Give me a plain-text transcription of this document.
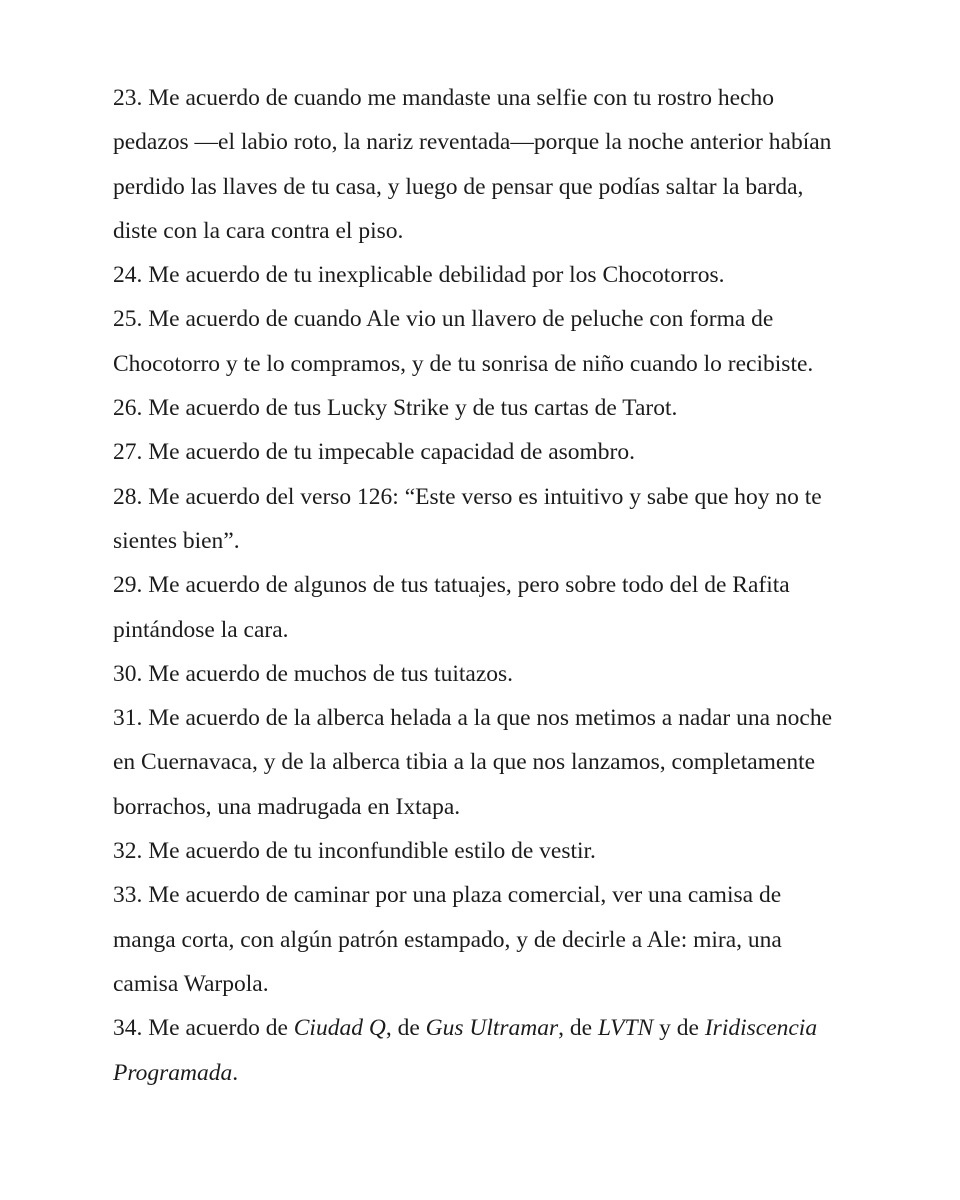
23. Me acuerdo de cuando me mandaste una selfie con tu rostro hecho pedazos —el labio roto, la nariz reventada—porque la noche anterior habían perdido las llaves de tu casa, y luego de pensar que podías saltar la barda, diste con la cara contra el piso.

24. Me acuerdo de tu inexplicable debilidad por los Chocotorros.

25. Me acuerdo de cuando Ale vio un llavero de peluche con forma de Chocotorro y te lo compramos, y de tu sonrisa de niño cuando lo recibiste.

26. Me acuerdo de tus Lucky Strike y de tus cartas de Tarot.

27. Me acuerdo de tu impecable capacidad de asombro.

28. Me acuerdo del verso 126: “Este verso es intuitivo y sabe que hoy no te sientes bien”.

29. Me acuerdo de algunos de tus tatuajes, pero sobre todo del de Rafita pintándose la cara.

30. Me acuerdo de muchos de tus tuitazos.

31. Me acuerdo de la alberca helada a la que nos metimos a nadar una noche en Cuernavaca, y de la alberca tibia a la que nos lanzamos, completamente borrachos, una madrugada en Ixtapa.

32. Me acuerdo de tu inconfundible estilo de vestir.

33. Me acuerdo de caminar por una plaza comercial, ver una camisa de manga corta, con algún patrón estampado, y de decirle a Ale: mira, una camisa Warpola.

34. Me acuerdo de Ciudad Q, de Gus Ultramar, de LVTN y de Iridiscencia Programada.
